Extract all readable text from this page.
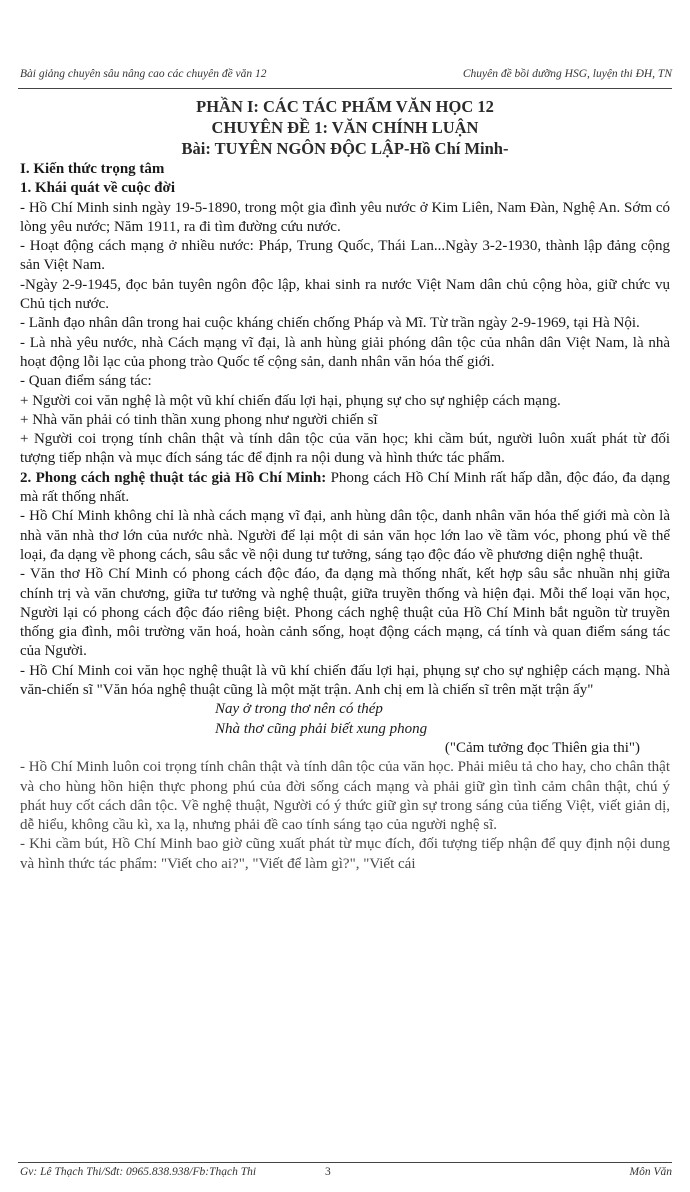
Bài giảng chuyên sâu nâng cao các chuyên đề văn 12	Chuyên đề bồi dưỡng HSG, luyện thi ĐH, TN
PHẦN I: CÁC TÁC PHẨM VĂN HỌC 12
CHUYÊN ĐỀ 1: VĂN CHÍNH LUẬN
Bài: TUYÊN NGÔN ĐỘC LẬP-Hồ Chí Minh-

I. Kiến thức trọng tâm

1. Khái quát về cuộc đời

- Hồ Chí Minh sinh ngày 19-5-1890, trong một gia đình yêu nước ở Kim Liên, Nam Đàn, Nghệ An. Sớm có lòng yêu nước; Năm 1911, ra đi tìm đường cứu nước.

- Hoạt động cách mạng ở nhiều nước: Pháp, Trung Quốc, Thái Lan...Ngày 3-2-1930, thành lập đảng cộng sản Việt Nam.

-Ngày 2-9-1945, đọc bản tuyên ngôn độc lập, khai sinh ra nước Việt Nam dân chủ cộng hòa, giữ chức vụ Chủ tịch nước.

- Lãnh đạo nhân dân trong hai cuộc kháng chiến chống Pháp và Mĩ. Từ trần ngày 2-9-1969, tại Hà Nội.

- Là nhà yêu nước, nhà Cách mạng vĩ đại, là anh hùng giải phóng dân tộc của nhân dân Việt Nam, là nhà hoạt động lỗi lạc của phong trào Quốc tế cộng sản, danh nhân văn hóa thế giới.

- Quan điểm sáng tác:

+ Người coi văn nghệ là một vũ khí chiến đấu lợi hại, phụng sự cho sự nghiệp cách mạng.

+ Nhà văn phải có tinh thần xung phong như người chiến sĩ

+ Người coi trọng tính chân thật và tính dân tộc của văn học; khi cầm bút, người luôn xuất phát từ đối tượng tiếp nhận và mục đích sáng tác để định ra nội dung và hình thức tác phẩm.

2. Phong cách nghệ thuật tác giả Hồ Chí Minh: Phong cách Hồ Chí Minh rất hấp dẫn, độc đáo, đa dạng mà rất thống nhất.

- Hồ Chí Minh không chỉ là nhà cách mạng vĩ đại, anh hùng dân tộc, danh nhân văn hóa thế giới mà còn là nhà văn nhà thơ lớn của nước nhà. Người để lại một di sản văn học lớn lao về tầm vóc, phong phú về thể loại, đa dạng về phong cách, sâu sắc về nội dung tư tưởng, sáng tạo độc đáo về phương diện nghệ thuật.

- Văn thơ Hồ Chí Minh có phong cách độc đáo, đa dạng mà thống nhất, kết hợp sâu sắc nhuần nhị giữa chính trị và văn chương, giữa tư tưởng và nghệ thuật, giữa truyền thống và hiện đại. Mỗi thể loại văn học, Người lại có phong cách độc đáo riêng biệt. Phong cách nghệ thuật của Hồ Chí Minh bắt nguồn từ truyền thống gia đình, môi trường văn hoá, hoàn cảnh sống, hoạt động cách mạng, cá tính và quan điểm sáng tác của Người.

- Hồ Chí Minh coi văn học nghệ thuật là vũ khí chiến đấu lợi hại, phụng sự cho sự nghiệp cách mạng. Nhà văn-chiến sĩ "Văn hóa nghệ thuật cũng là một mặt trận. Anh chị em là chiến sĩ trên mặt trận ấy"

Nay ở trong thơ nên có thép

Nhà thơ cũng phải biết xung phong

("Cảm tưởng đọc Thiên gia thi")

- Hồ Chí Minh luôn coi trọng tính chân thật và tính dân tộc của văn học. Phải miêu tả cho hay, cho chân thật và cho hùng hồn hiện thực phong phú của đời sống cách mạng và phải giữ gìn tình cảm chân thật, chú ý phát huy cốt cách dân tộc. Về nghệ thuật, Người có ý thức giữ gìn sự trong sáng của tiếng Việt, viết giản dị, dễ hiểu, không cầu kì, xa lạ, nhưng phải đề cao tính sáng tạo của người nghệ sĩ.

- Khi cầm bút, Hồ Chí Minh bao giờ cũng xuất phát từ mục đích, đối tượng tiếp nhận để quy định nội dung và hình thức tác phẩm: "Viết cho ai?", "Viết để làm gì?", "Viết cái

Gv: Lê Thạch Thi/Sđt: 0965.838.938/Fb:Thạch Thi	3	Môn Văn
